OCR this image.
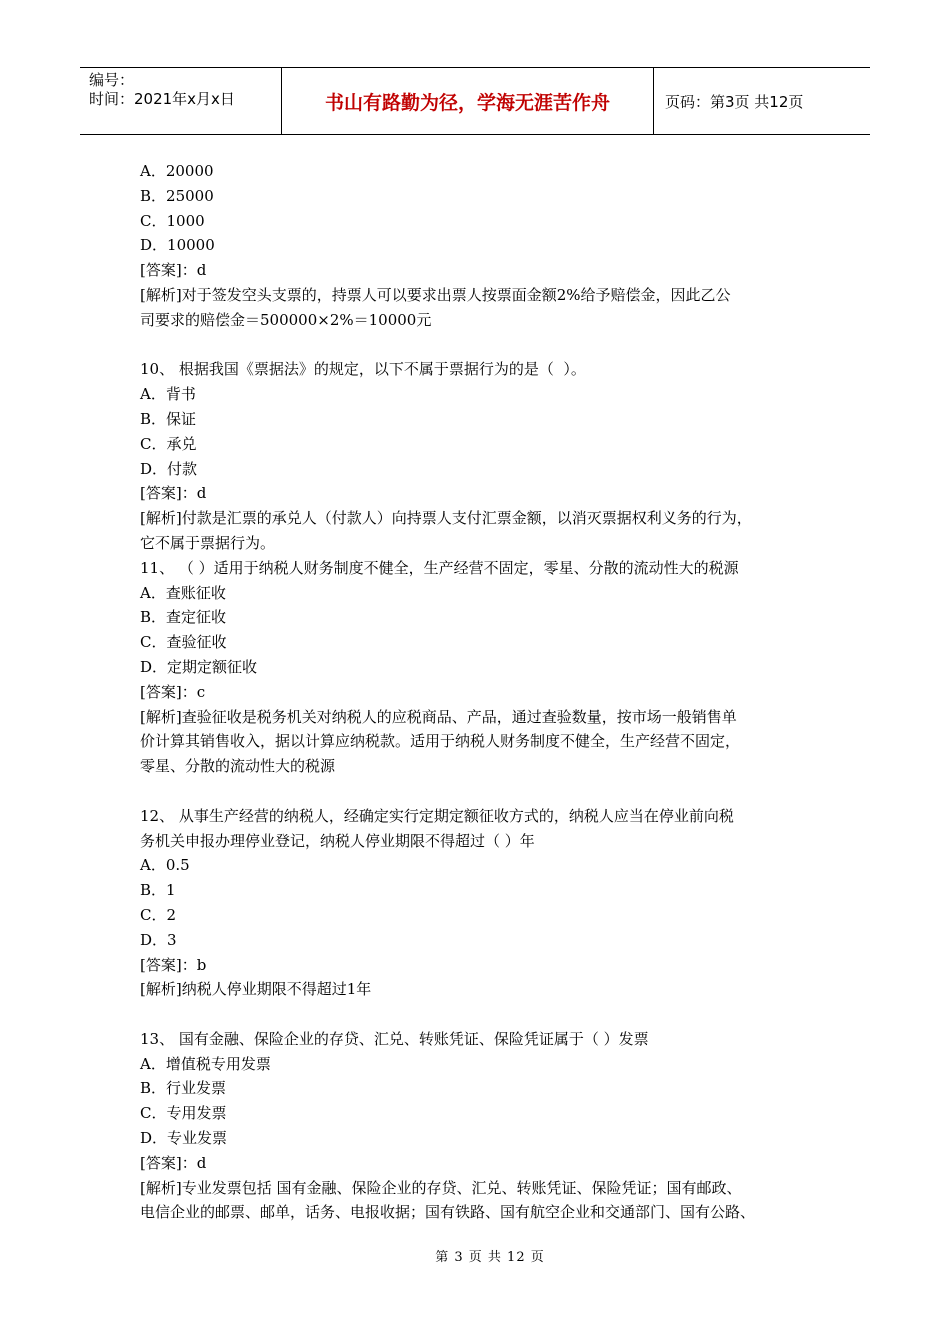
编号：
时间：2021年x月x日	书山有路勤为径，学海无涯苦作舟	页码：第3页 共12页

A．20000

B．25000

C．1000

D．10000

[答案]：d

[解析]对于签发空头支票的，持票人可以要求出票人按票面金额2%给予赔偿金，因此乙公

司要求的赔偿金＝500000×2%＝10000元

10、 根据我国《票据法》的规定，以下不属于票据行为的是（  ）。

A．背书

B．保证

C．承兑

D．付款

[答案]：d

[解析]付款是汇票的承兑人（付款人）向持票人支付汇票金额，以消灭票据权利义务的行为，

它不属于票据行为。

11、 （ ）适用于纳税人财务制度不健全，生产经营不固定，零星、分散的流动性大的税源

A．查账征收

B．查定征收

C．查验征收

D．定期定额征收

[答案]：c

[解析]查验征收是税务机关对纳税人的应税商品、产品，通过查验数量，按市场一般销售单

价计算其销售收入，据以计算应纳税款。适用于纳税人财务制度不健全，生产经营不固定，

零星、分散的流动性大的税源

12、 从事生产经营的纳税人，经确定实行定期定额征收方式的，纳税人应当在停业前向税

务机关申报办理停业登记，纳税人停业期限不得超过（ ）年

A．0.5

B．1

C．2

D．3

[答案]：b

[解析]纳税人停业期限不得超过1年

13、 国有金融、保险企业的存贷、汇兑、转账凭证、保险凭证属于（ ）发票

A．增值税专用发票

B．行业发票

C．专用发票

D．专业发票

[答案]：d

[解析]专业发票包括 国有金融、保险企业的存贷、汇兑、转账凭证、保险凭证；国有邮政、

电信企业的邮票、邮单，话务、电报收据；国有铁路、国有航空企业和交通部门、国有公路、

第 3 页 共 12 页
